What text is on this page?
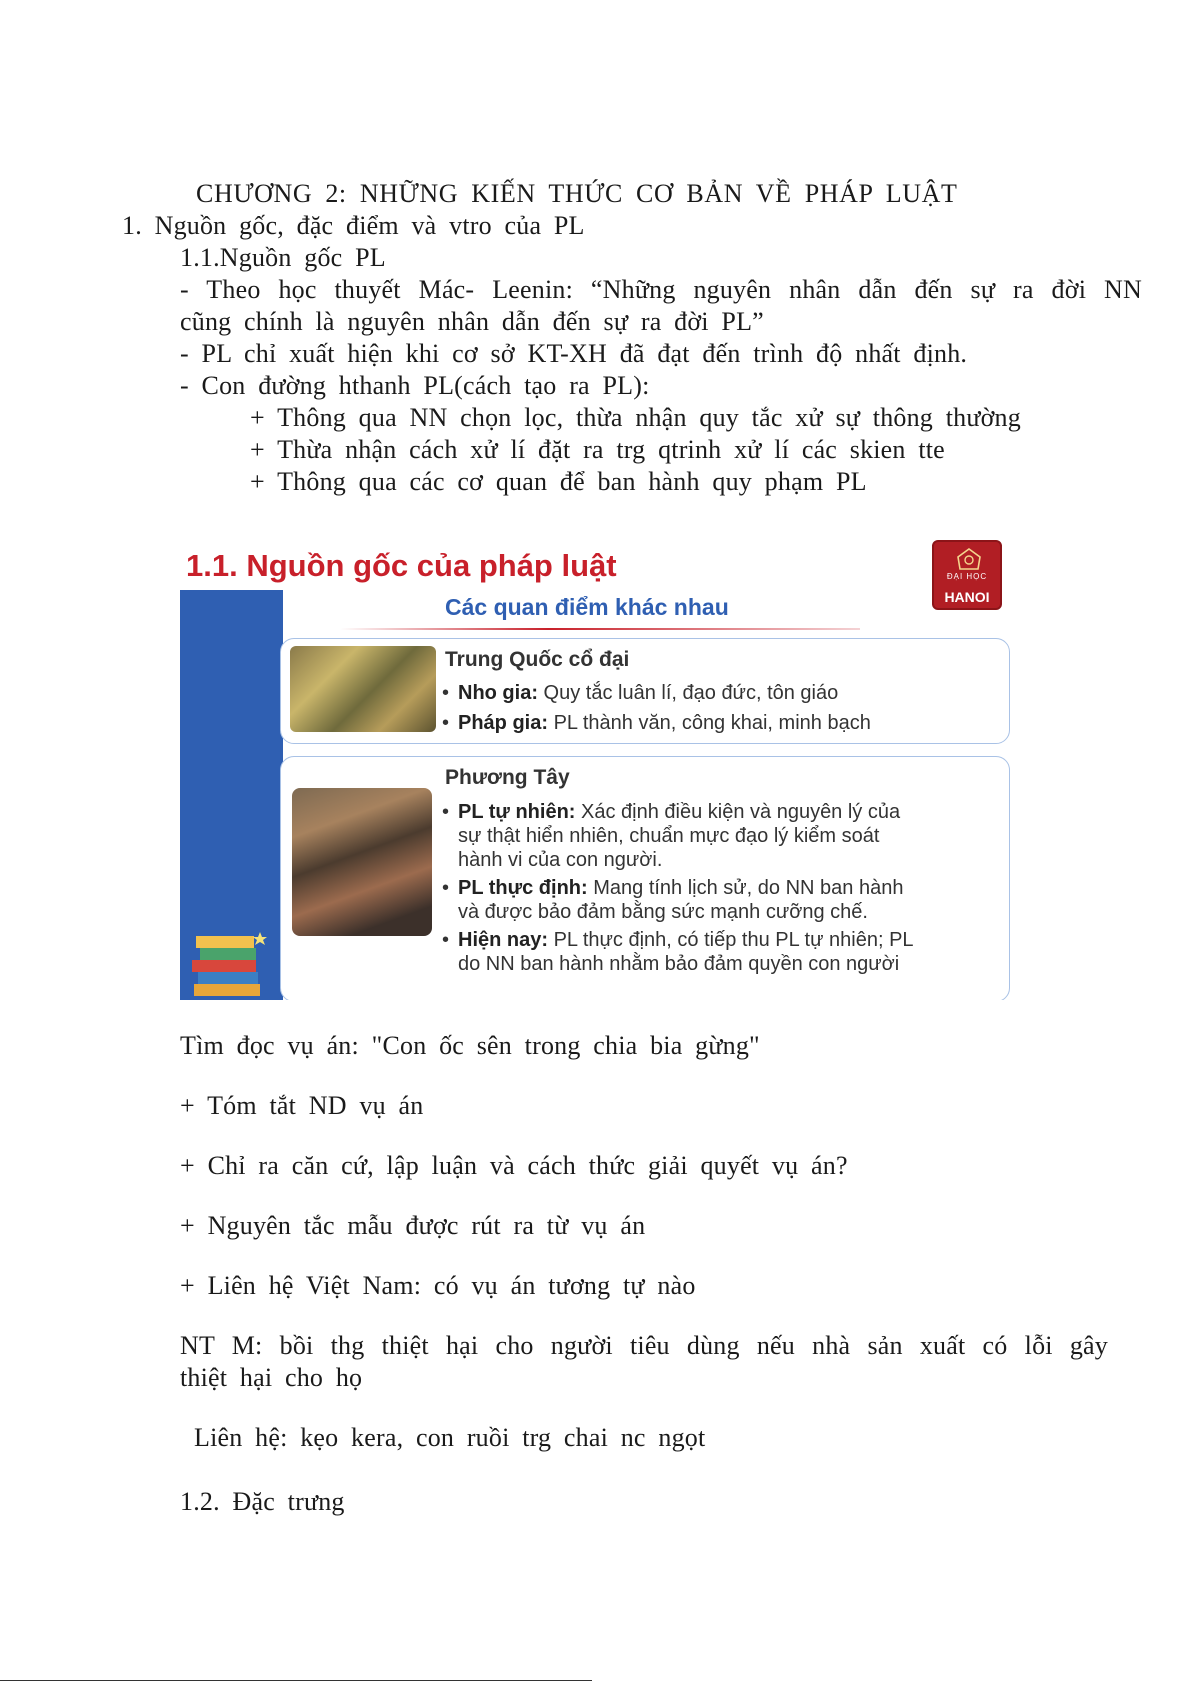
CHƯƠNG 2: NHỮNG KIẾN THỨC CƠ BẢN VỀ PHÁP LUẬT
1. Nguồn gốc, đặc điểm và vtro của PL
1.1.Nguồn gốc PL
- Theo học thuyết Mác- Leenin: “Những nguyên nhân dẫn đến sự ra đời NN
cũng chính là nguyên nhân dẫn đến sự ra đời PL”
- PL chỉ xuất hiện khi cơ sở KT-XH đã đạt đến trình độ nhất định.
- Con đường hthanh PL(cách tạo ra PL):
+ Thông qua NN chọn lọc, thừa nhận quy tắc xử sự thông thường
+ Thừa nhận cách xử lí đặt ra trg qtrinh xử lí các skien tte
+ Thông qua các cơ quan để ban hành quy phạm PL
1.1. Nguồn gốc của pháp luật	ĐẠI HỌC
HANOI
Các quan điểm khác nhau
Trung Quốc cổ đại
• Nho gia: Quy tắc luân lí, đạo đức, tôn giáo
• Pháp gia: PL thành văn, công khai, minh bạch
Phương Tây
• PL tự nhiên: Xác định điều kiện và nguyên lý của
sự thật hiển nhiên, chuẩn mực đạo lý kiểm soát
hành vi của con người.
• PL thực định: Mang tính lịch sử, do NN ban hành
và được bảo đảm bằng sức mạnh cưỡng chế.
• Hiện nay: PL thực định, có tiếp thu PL tự nhiên; PL
do NN ban hành nhằm bảo đảm quyền con người
Tìm đọc vụ án: "Con ốc sên trong chia bia gừng"
+ Tóm tắt ND vụ án
+ Chỉ ra căn cứ, lập luận và cách thức giải quyết vụ án?
+ Nguyên tắc mẫu được rút ra từ vụ án
+ Liên hệ Việt Nam: có vụ án tương tự nào
NT M: bồi thg thiệt hại cho người tiêu dùng nếu nhà sản xuất có lỗi gây
thiệt hại cho họ
Liên hệ: kẹo kera, con ruồi trg chai nc ngọt
1.2. Đặc trưng
